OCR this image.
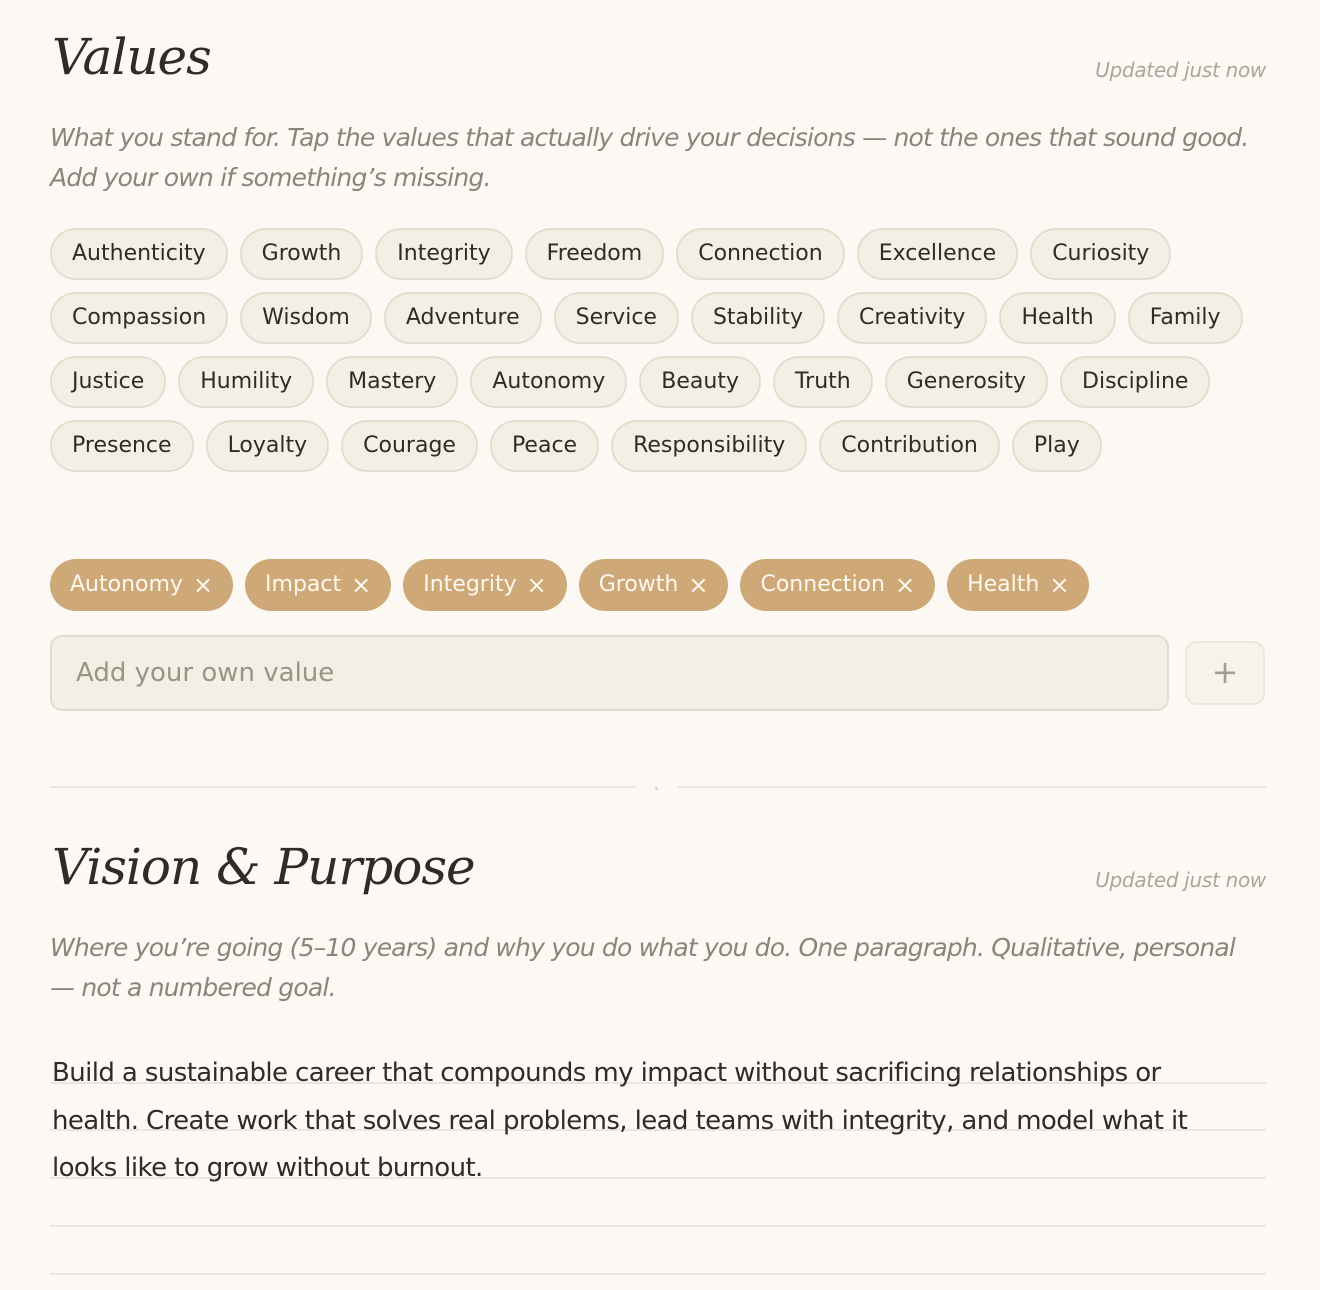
Values	Updated just now

What you stand for. Tap the values that actually drive your decisions — not the ones that sound good. Add your own if something’s missing.

Authenticity	Growth	Integrity	Freedom	Connection	Excellence	Curiosity
Compassion	Wisdom	Adventure	Service	Stability	Creativity	Health	Family
Justice	Humility	Mastery	Autonomy	Beauty	Truth	Generosity	Discipline
Presence	Loyalty	Courage	Peace	Responsibility	Contribution	Play
Autonomy × Impact × Integrity × Growth × Connection × Health ×
Add your own value
+
Vision & Purpose	Updated just now

Where you’re going (5–10 years) and why you do what you do. One paragraph. Qualitative, personal — not a numbered goal.

Build a sustainable career that compounds my impact without sacrificing relationships or health. Create work that solves real problems, lead teams with integrity, and model what it looks like to grow without burnout.
